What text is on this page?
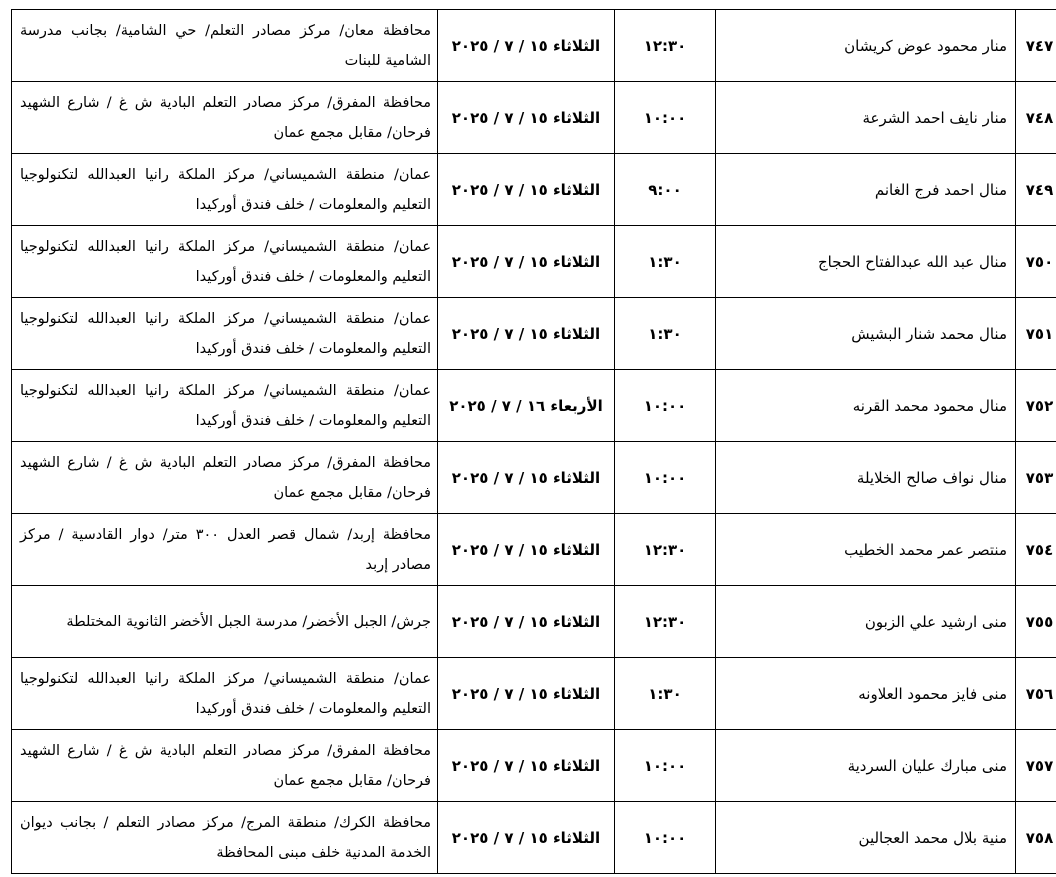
٧٤٧	منار محمود عوض كريشان	١٢:٣٠	الثلاثاء ١٥ / ٧ / ٢٠٢٥	محافظة معان/ مركز مصادر التعلم/ حي الشامية/ بجانب مدرسة الشامية للبنات
٧٤٨	منار نايف احمد الشرعة	١٠:٠٠	الثلاثاء ١٥ / ٧ / ٢٠٢٥	محافظة المفرق/ مركز مصادر التعلم البادية ش غ / شارع الشهيد فرحان/ مقابل مجمع عمان
٧٤٩	منال احمد فرج الغانم	٩:٠٠	الثلاثاء ١٥ / ٧ / ٢٠٢٥	عمان/ منطقة الشميساني/ مركز الملكة رانيا العبدالله لتكنولوجيا التعليم والمعلومات / خلف فندق أوركيدا
٧٥٠	منال عبد الله عبدالفتاح الحجاج	١:٣٠	الثلاثاء ١٥ / ٧ / ٢٠٢٥	عمان/ منطقة الشميساني/ مركز الملكة رانيا العبدالله لتكنولوجيا التعليم والمعلومات / خلف فندق أوركيدا
٧٥١	منال محمد شنار البشيش	١:٣٠	الثلاثاء ١٥ / ٧ / ٢٠٢٥	عمان/ منطقة الشميساني/ مركز الملكة رانيا العبدالله لتكنولوجيا التعليم والمعلومات / خلف فندق أوركيدا
٧٥٢	منال محمود محمد القرنه	١٠:٠٠	الأربعاء ١٦ / ٧ / ٢٠٢٥	عمان/ منطقة الشميساني/ مركز الملكة رانيا العبدالله لتكنولوجيا التعليم والمعلومات / خلف فندق أوركيدا
٧٥٣	منال نواف صالح الخلايلة	١٠:٠٠	الثلاثاء ١٥ / ٧ / ٢٠٢٥	محافظة المفرق/ مركز مصادر التعلم البادية ش غ / شارع الشهيد فرحان/ مقابل مجمع عمان
٧٥٤	منتصر عمر محمد الخطيب	١٢:٣٠	الثلاثاء ١٥ / ٧ / ٢٠٢٥	محافظة إربد/ شمال قصر العدل ٣٠٠ متر/ دوار القادسية / مركز مصادر إربد
٧٥٥	منى ارشيد علي الزبون	١٢:٣٠	الثلاثاء ١٥ / ٧ / ٢٠٢٥	جرش/ الجبل الأخضر/ مدرسة الجبل الأخضر الثانوية المختلطة
٧٥٦	منى فايز محمود العلاونه	١:٣٠	الثلاثاء ١٥ / ٧ / ٢٠٢٥	عمان/ منطقة الشميساني/ مركز الملكة رانيا العبدالله لتكنولوجيا التعليم والمعلومات / خلف فندق أوركيدا
٧٥٧	منى مبارك عليان السردية	١٠:٠٠	الثلاثاء ١٥ / ٧ / ٢٠٢٥	محافظة المفرق/ مركز مصادر التعلم البادية ش غ / شارع الشهيد فرحان/ مقابل مجمع عمان
٧٥٨	منية بلال محمد العجالين	١٠:٠٠	الثلاثاء ١٥ / ٧ / ٢٠٢٥	محافظة الكرك/ منطقة المرج/ مركز مصادر التعلم / بجانب ديوان الخدمة المدنية خلف مبنى المحافظة
